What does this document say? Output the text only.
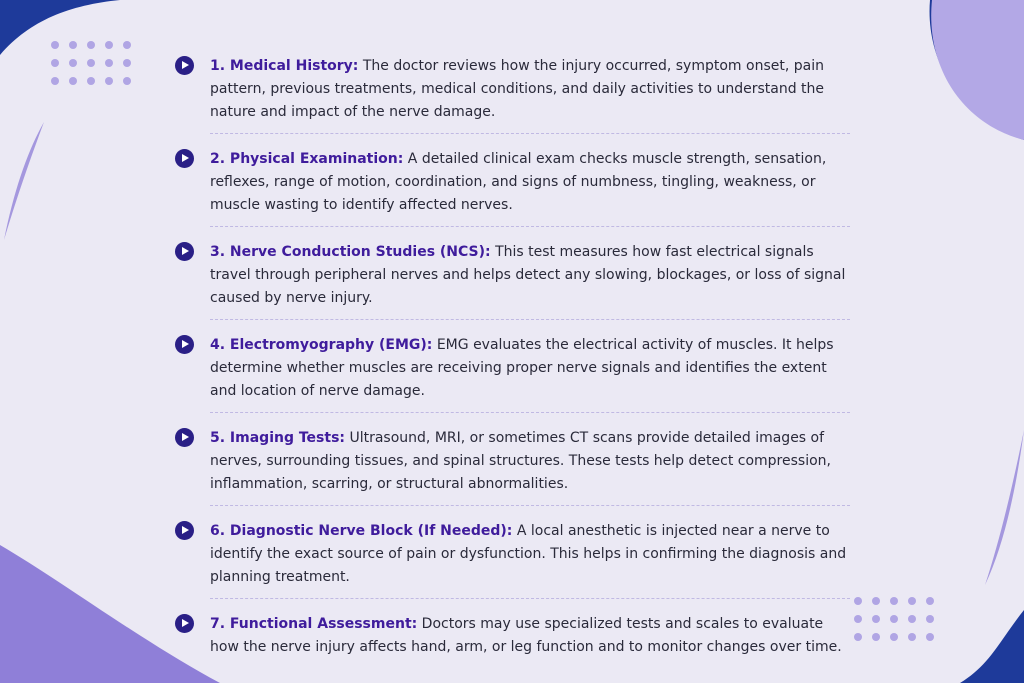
1. Medical History: The doctor reviews how the injury occurred, symptom onset, pain pattern, previous treatments, medical conditions, and daily activities to understand the nature and impact of the nerve damage.
2. Physical Examination: A detailed clinical exam checks muscle strength, sensation, reflexes, range of motion, coordination, and signs of numbness, tingling, weakness, or muscle wasting to identify affected nerves.
3. Nerve Conduction Studies (NCS): This test measures how fast electrical signals travel through peripheral nerves and helps detect any slowing, blockages, or loss of signal caused by nerve injury.
4. Electromyography (EMG): EMG evaluates the electrical activity of muscles. It helps determine whether muscles are receiving proper nerve signals and identifies the extent and location of nerve damage.
5. Imaging Tests: Ultrasound, MRI, or sometimes CT scans provide detailed images of nerves, surrounding tissues, and spinal structures. These tests help detect compression, inflammation, scarring, or structural abnormalities.
6. Diagnostic Nerve Block (If Needed): A local anesthetic is injected near a nerve to identify the exact source of pain or dysfunction. This helps in confirming the diagnosis and planning treatment.
7. Functional Assessment: Doctors may use specialized tests and scales to evaluate how the nerve injury affects hand, arm, or leg function and to monitor changes over time.
